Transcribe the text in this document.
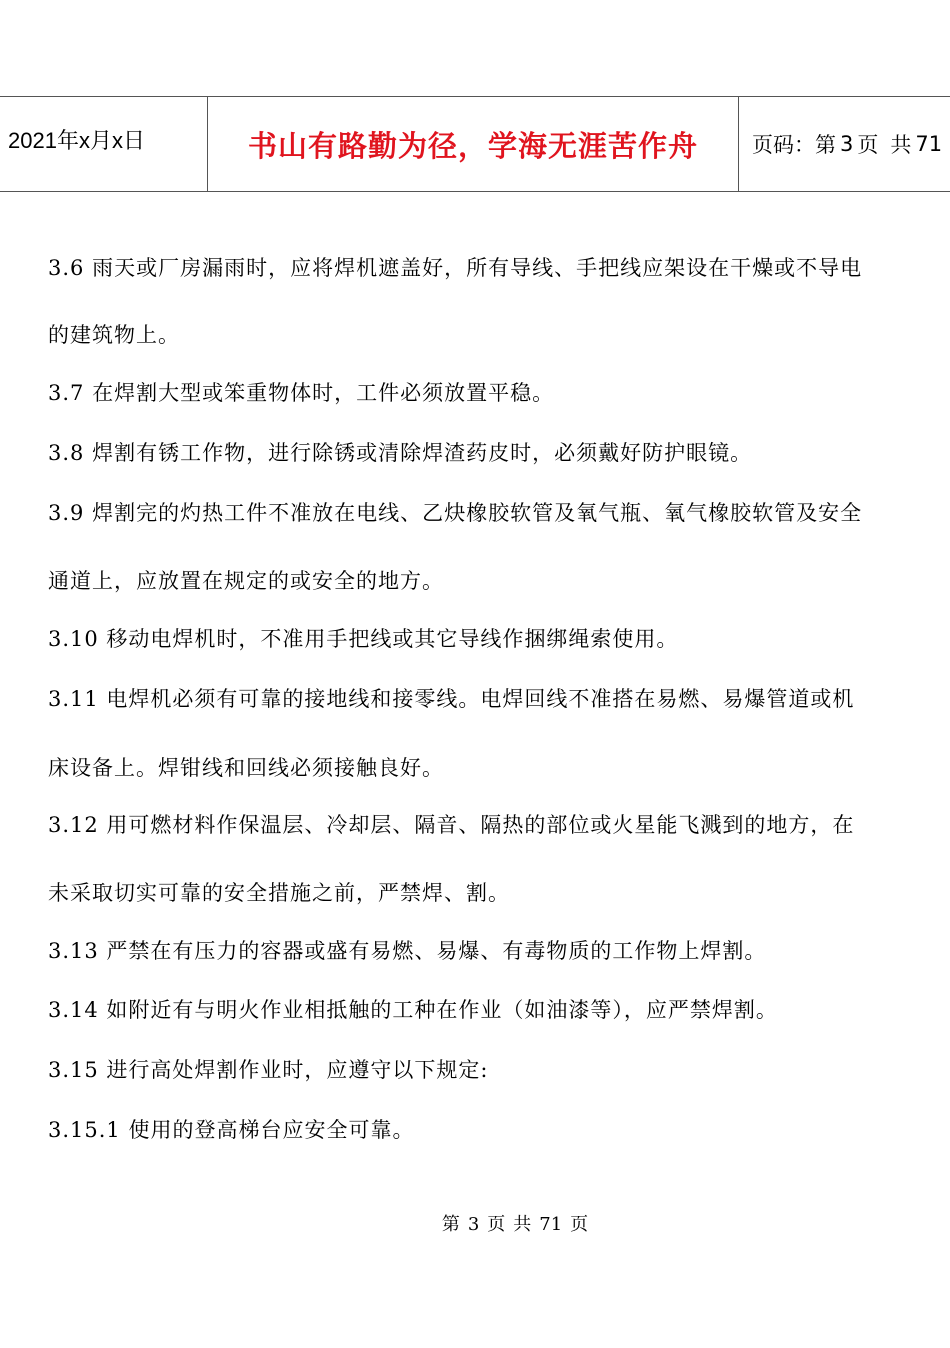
2021年x月x日	书山有路勤为径，学海无涯苦作舟	页码：第 3 页 共 71
3.6 雨天或厂房漏雨时，应将焊机遮盖好，所有导线、手把线应架设在干燥或不导电
的建筑物上。
3.7 在焊割大型或笨重物体时，工件必须放置平稳。
3.8 焊割有锈工作物，进行除锈或清除焊渣药皮时，必须戴好防护眼镜。
3.9 焊割完的灼热工件不准放在电线、乙炔橡胶软管及氧气瓶、氧气橡胶软管及安全
通道上，应放置在规定的或安全的地方。
3.10 移动电焊机时，不准用手把线或其它导线作捆绑绳索使用。
3.11 电焊机必须有可靠的接地线和接零线。电焊回线不准搭在易燃、易爆管道或机
床设备上。焊钳线和回线必须接触良好。
3.12 用可燃材料作保温层、冷却层、隔音、隔热的部位或火星能飞溅到的地方，在
未采取切实可靠的安全措施之前，严禁焊、割。
3.13 严禁在有压力的容器或盛有易燃、易爆、有毒物质的工作物上焊割。
3.14 如附近有与明火作业相抵触的工种在作业（如油漆等），应严禁焊割。
3.15 进行高处焊割作业时，应遵守以下规定:
3.15.1 使用的登高梯台应安全可靠。
第 3 页 共 71 页
